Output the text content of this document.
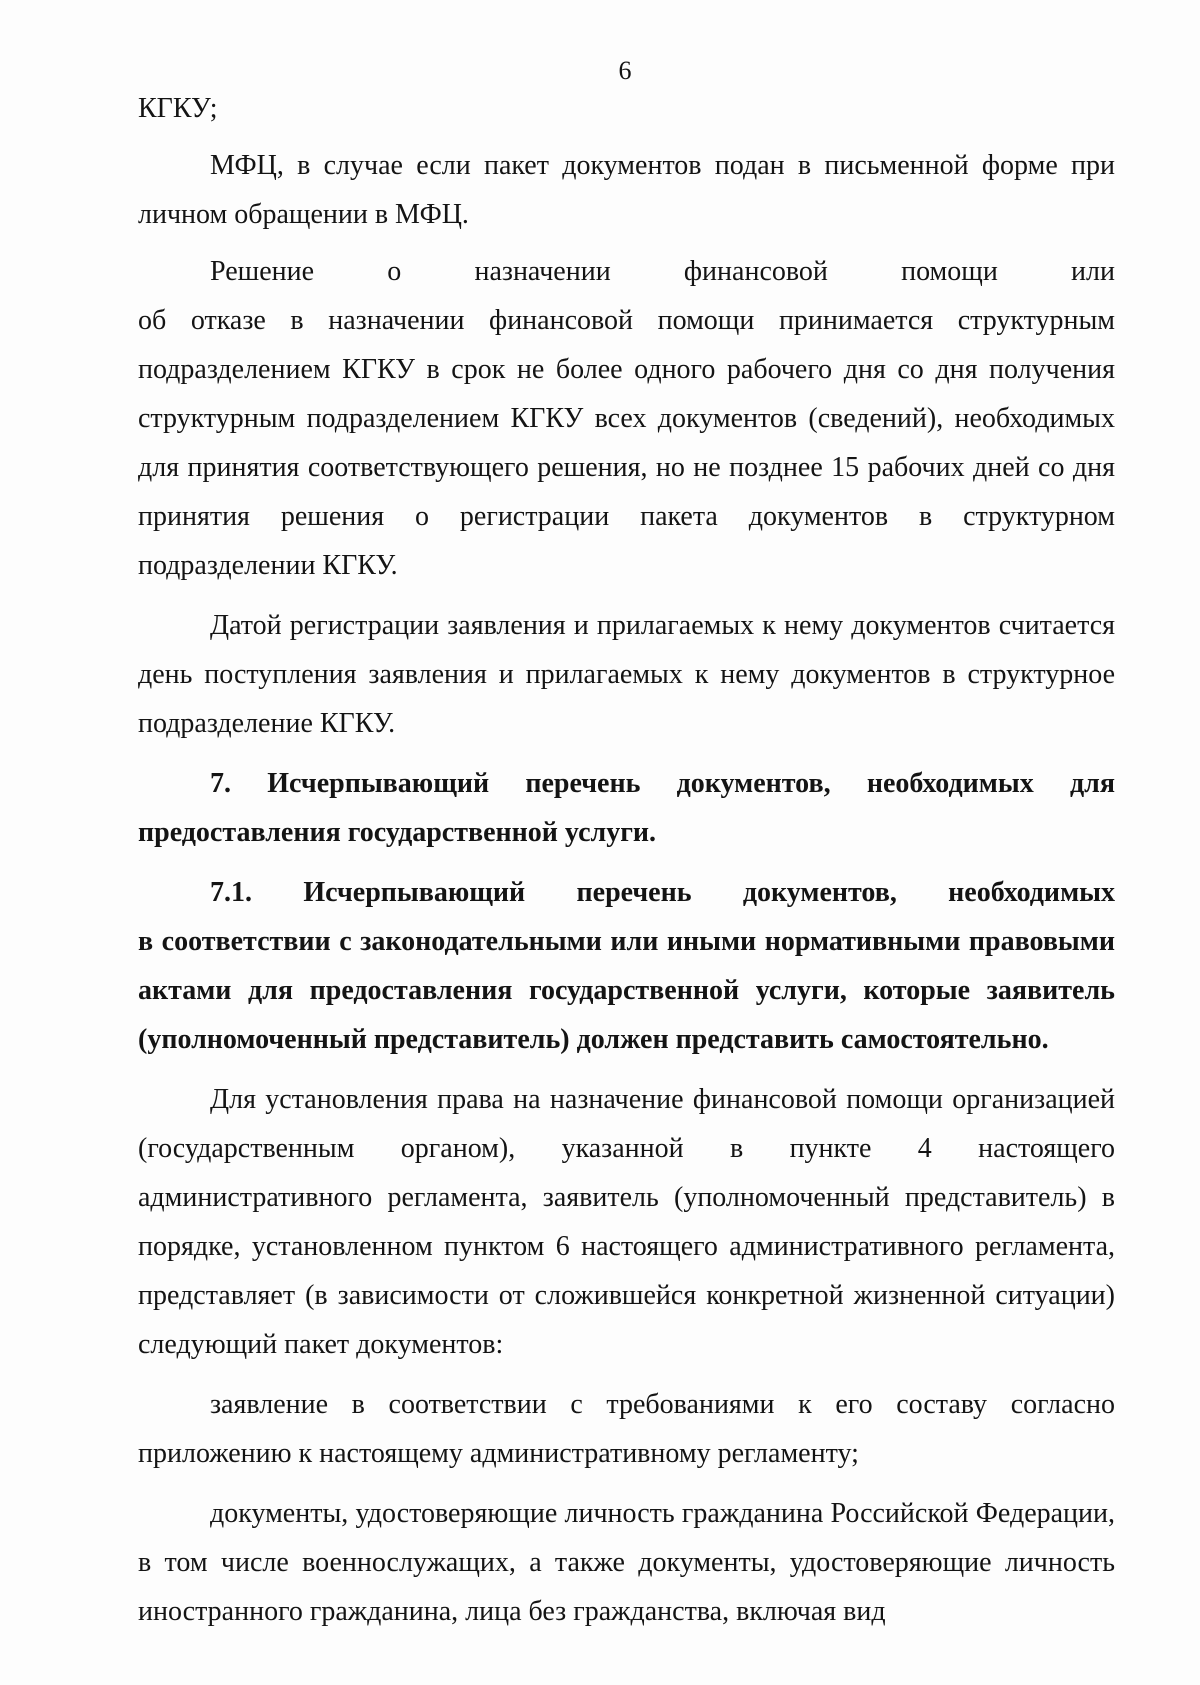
6

КГКУ;

МФЦ, в случае если пакет документов подан в письменной форме при личном обращении в МФЦ.

Решение о назначении финансовой помощи или

об отказе в назначении финансовой помощи принимается структурным подразделением КГКУ в срок не более одного рабочего дня со дня получения структурным подразделением КГКУ всех документов (сведений), необходимых для принятия соответствующего решения, но не позднее 15 рабочих дней со дня принятия решения о регистрации пакета документов в структурном подразделении КГКУ.

Датой регистрации заявления и прилагаемых к нему документов считается день поступления заявления и прилагаемых к нему документов в структурное подразделение КГКУ.

7. Исчерпывающий перечень документов, необходимых для предоставления государственной услуги.

7.1. Исчерпывающий перечень документов, необходимых

в соответствии с законодательными или иными нормативными правовыми актами для предоставления государственной услуги, которые заявитель (уполномоченный представитель) должен представить самостоятельно.

Для установления права на назначение финансовой помощи организацией (государственным органом), указанной в пункте 4 настоящего административного регламента, заявитель (уполномоченный представитель) в порядке, установленном пунктом 6 настоящего административного регламента, представляет (в зависимости от сложившейся конкретной жизненной ситуации) следующий пакет документов:

заявление в соответствии с требованиями к его составу согласно приложению к настоящему административному регламенту;

документы, удостоверяющие личность гражданина Российской Федерации, в том числе военнослужащих, а также документы, удостоверяющие личность иностранного гражданина, лица без гражданства, включая вид
